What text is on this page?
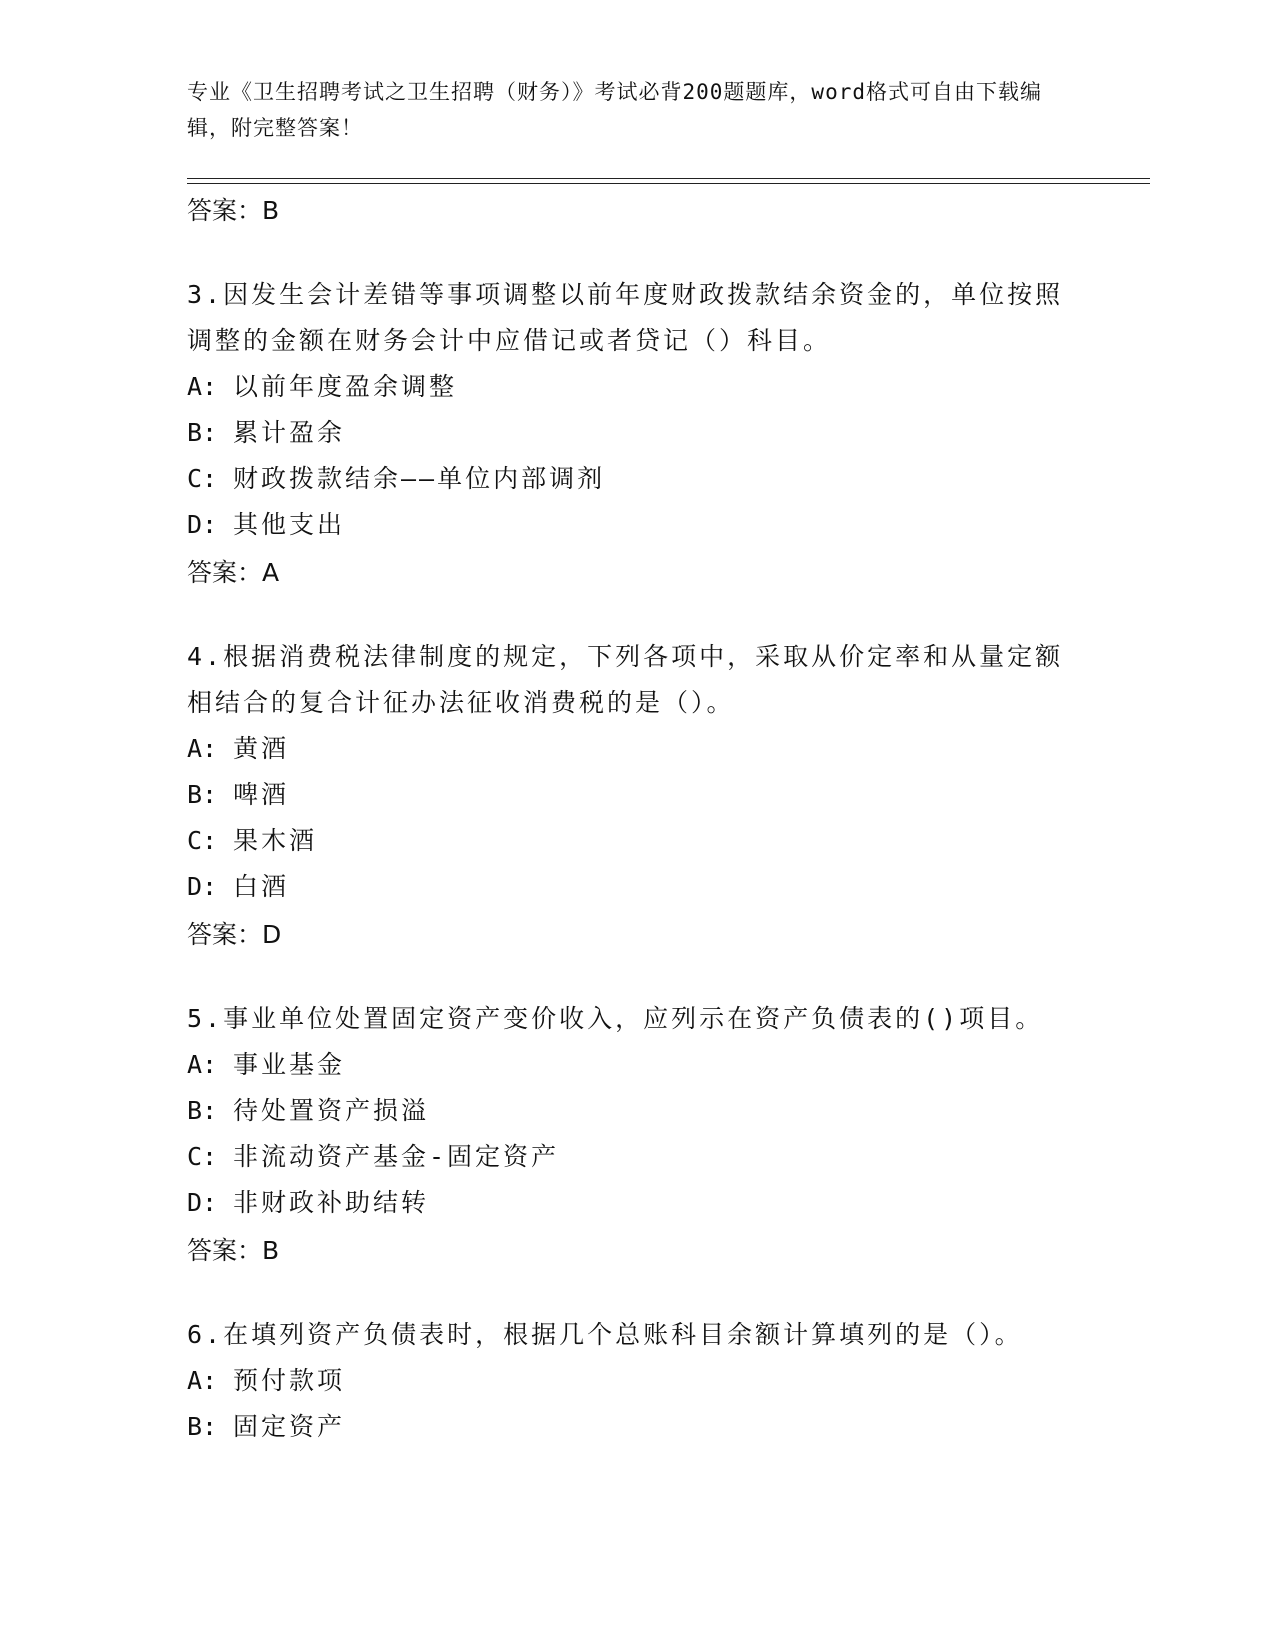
专业《卫生招聘考试之卫生招聘（财务）》考试必背200题题库，word格式可自由下载编辑，附完整答案！
答案：B
3.因发生会计差错等事项调整以前年度财政拨款结余资金的，单位按照调整的金额在财务会计中应借记或者贷记（）科目。
A: 以前年度盈余调整
B: 累计盈余
C: 财政拨款结余——单位内部调剂
D: 其他支出
答案：A
4.根据消费税法律制度的规定，下列各项中，采取从价定率和从量定额相结合的复合计征办法征收消费税的是（）。
A: 黄酒
B: 啤酒
C: 果木酒
D: 白酒
答案：D
5.事业单位处置固定资产变价收入，应列示在资产负债表的()项目。
A: 事业基金
B: 待处置资产损溢
C: 非流动资产基金-固定资产
D: 非财政补助结转
答案：B
6.在填列资产负债表时，根据几个总账科目余额计算填列的是（）。
A: 预付款项
B: 固定资产
